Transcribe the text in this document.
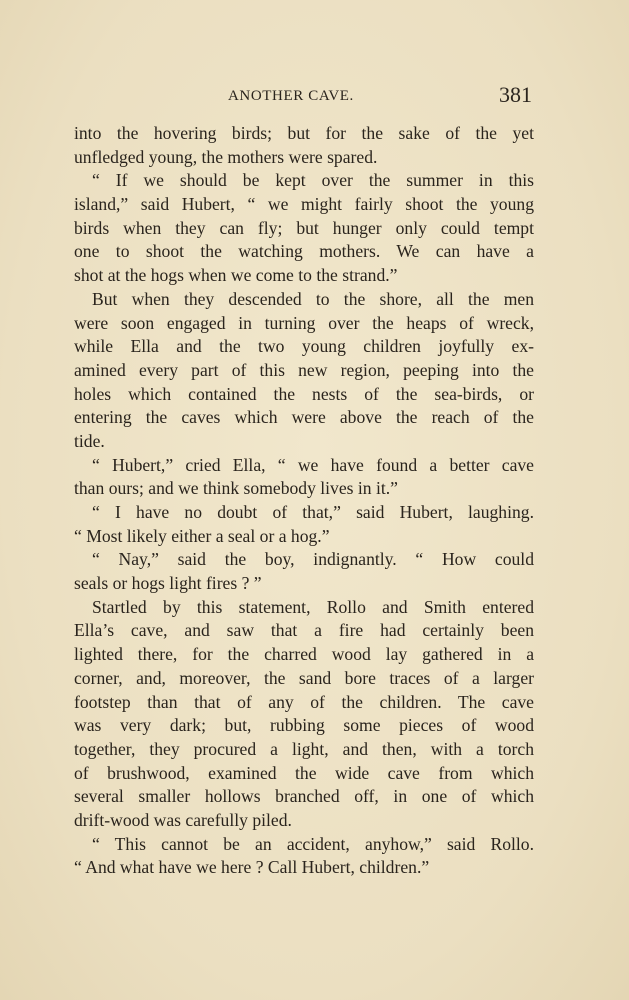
ANOTHER CAVE.	381
into the hovering birds; but for the sake of the yet
unfledged young, the mothers were spared.
“ If we should be kept over the summer in this
island,” said Hubert, “ we might fairly shoot the young
birds when they can fly; but hunger only could tempt
one to shoot the watching mothers. We can have a
shot at the hogs when we come to the strand.”
But when they descended to the shore, all the men
were soon engaged in turning over the heaps of wreck,
while Ella and the two young children joyfully ex-
amined every part of this new region, peeping into the
holes which contained the nests of the sea-birds, or
entering the caves which were above the reach of the
tide.
“ Hubert,” cried Ella, “ we have found a better cave
than ours; and we think somebody lives in it.”
“ I have no doubt of that,” said Hubert, laughing.
“ Most likely either a seal or a hog.”
“ Nay,” said the boy, indignantly. “ How could
seals or hogs light fires ? ”
Startled by this statement, Rollo and Smith entered
Ella’s cave, and saw that a fire had certainly been
lighted there, for the charred wood lay gathered in a
corner, and, moreover, the sand bore traces of a larger
footstep than that of any of the children. The cave
was very dark; but, rubbing some pieces of wood
together, they procured a light, and then, with a torch
of brushwood, examined the wide cave from which
several smaller hollows branched off, in one of which
drift-wood was carefully piled.
“ This cannot be an accident, anyhow,” said Rollo.
“ And what have we here ? Call Hubert, children.”
